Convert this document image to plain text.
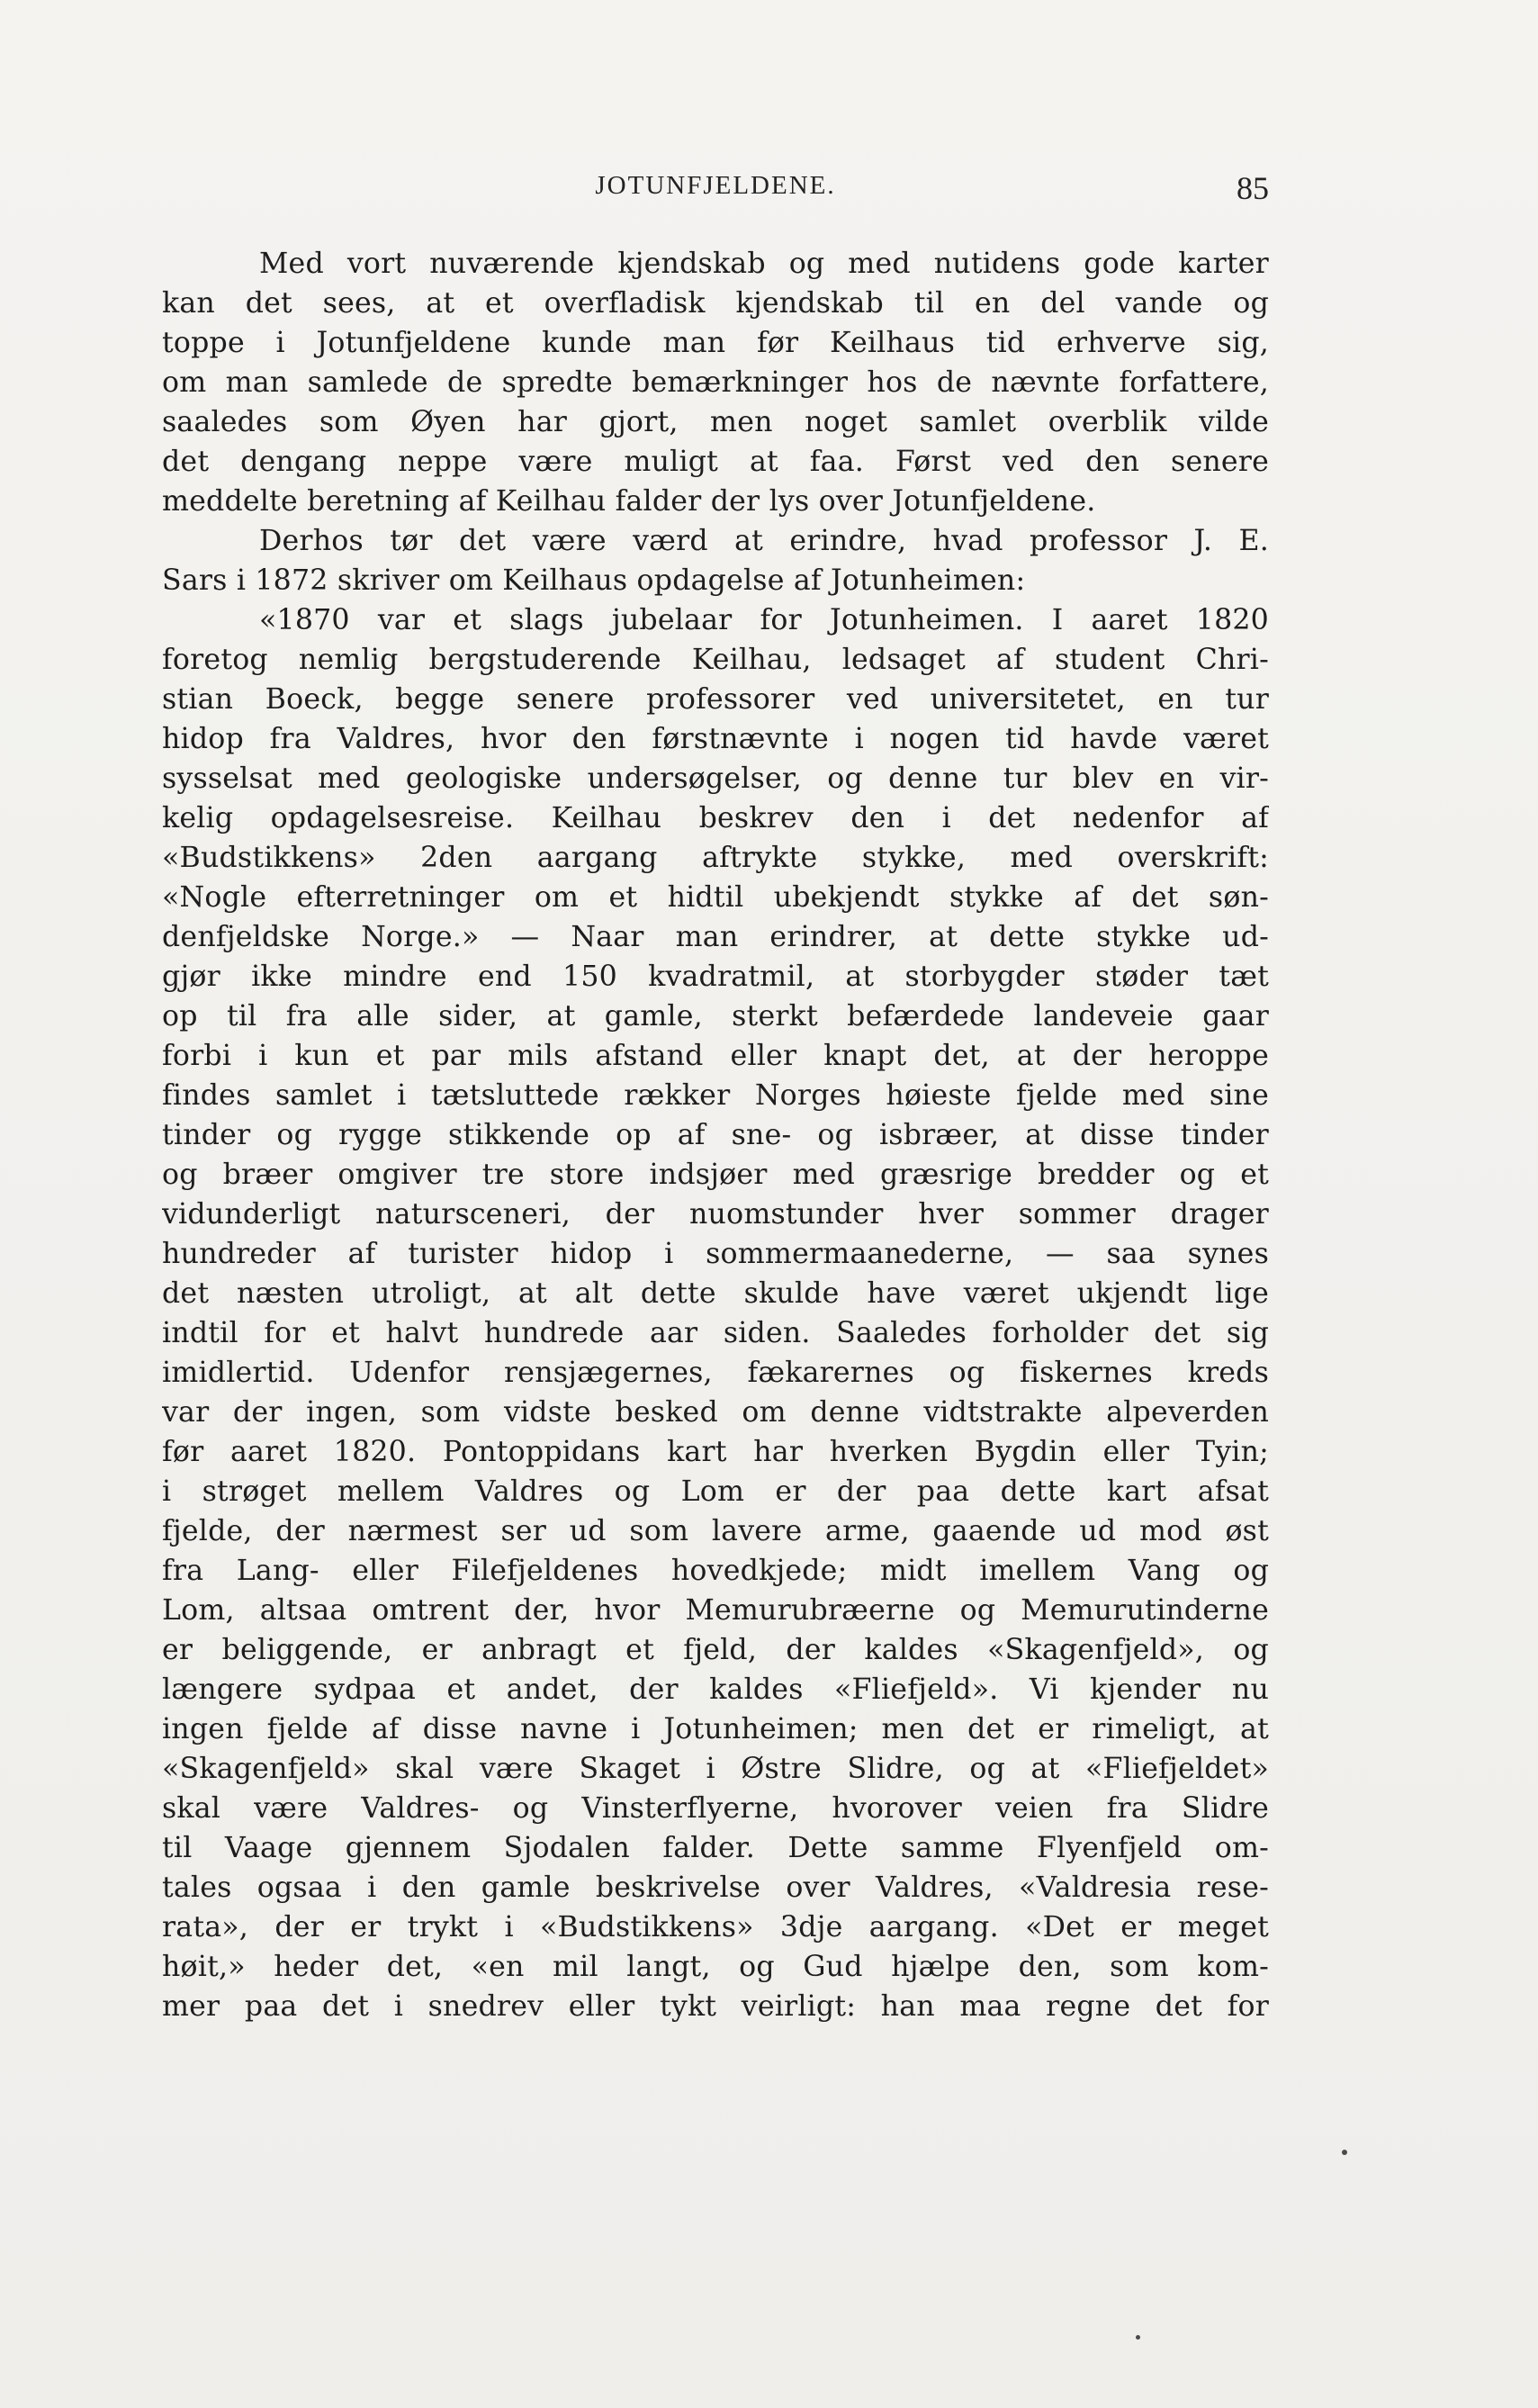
JOTUNFJELDENE.	85
Med vort nuværende kjendskab og med nutidens gode karter
kan det sees, at et overfladisk kjendskab til en del vande og
toppe i Jotunfjeldene kunde man før Keilhaus tid erhverve sig,
om man samlede de spredte bemærkninger hos de nævnte forfattere,
saaledes som Øyen har gjort, men noget samlet overblik vilde
det dengang neppe være muligt at faa. Først ved den senere
meddelte beretning af Keilhau falder der lys over Jotunfjeldene.
Derhos tør det være værd at erindre, hvad professor J. E.
Sars i 1872 skriver om Keilhaus opdagelse af Jotunheimen:
«1870 var et slags jubelaar for Jotunheimen. I aaret 1820
foretog nemlig bergstuderende Keilhau, ledsaget af student Chri-
stian Boeck, begge senere professorer ved universitetet, en tur
hidop fra Valdres, hvor den førstnævnte i nogen tid havde været
sysselsat med geologiske undersøgelser, og denne tur blev en vir-
kelig opdagelsesreise. Keilhau beskrev den i det nedenfor af
«Budstikkens» 2den aargang aftrykte stykke, med overskrift:
«Nogle efterretninger om et hidtil ubekjendt stykke af det søn-
denfjeldske Norge.» — Naar man erindrer, at dette stykke ud-
gjør ikke mindre end 150 kvadratmil, at storbygder støder tæt
op til fra alle sider, at gamle, sterkt befærdede landeveie gaar
forbi i kun et par mils afstand eller knapt det, at der heroppe
findes samlet i tætsluttede rækker Norges høieste fjelde med sine
tinder og rygge stikkende op af sne- og isbræer, at disse tinder
og bræer omgiver tre store indsjøer med græsrige bredder og et
vidunderligt natursceneri, der nuomstunder hver sommer drager
hundreder af turister hidop i sommermaanederne, — saa synes
det næsten utroligt, at alt dette skulde have været ukjendt lige
indtil for et halvt hundrede aar siden. Saaledes forholder det sig
imidlertid. Udenfor rensjægernes, fækarernes og fiskernes kreds
var der ingen, som vidste besked om denne vidtstrakte alpeverden
før aaret 1820. Pontoppidans kart har hverken Bygdin eller Tyin;
i strøget mellem Valdres og Lom er der paa dette kart afsat
fjelde, der nærmest ser ud som lavere arme, gaaende ud mod øst
fra Lang- eller Filefjeldenes hovedkjede; midt imellem Vang og
Lom, altsaa omtrent der, hvor Memurubræerne og Memurutinderne
er beliggende, er anbragt et fjeld, der kaldes «Skagenfjeld», og
længere sydpaa et andet, der kaldes «Fliefjeld». Vi kjender nu
ingen fjelde af disse navne i Jotunheimen; men det er rimeligt, at
«Skagenfjeld» skal være Skaget i Østre Slidre, og at «Fliefjeldet»
skal være Valdres- og Vinsterflyerne, hvorover veien fra Slidre
til Vaage gjennem Sjodalen falder. Dette samme Flyenfjeld om-
tales ogsaa i den gamle beskrivelse over Valdres, «Valdresia rese-
rata», der er trykt i «Budstikkens» 3dje aargang. «Det er meget
høit,» heder det, «en mil langt, og Gud hjælpe den, som kom-
mer paa det i snedrev eller tykt veirligt: han maa regne det for
